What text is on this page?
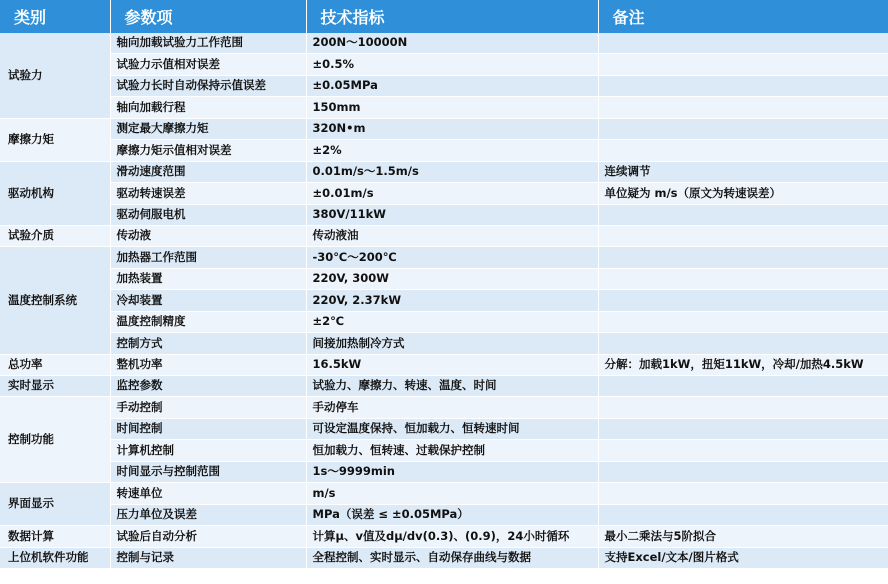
类别	参数项	技术指标	备注
试验力	轴向加载试验力工作范围	200N～10000N	
	试验力示值相对误差	±0.5%	
	试验力长时自动保持示值误差	±0.05MPa	
	轴向加载行程	150mm	
摩擦力矩	测定最大摩擦力矩	320N•m	
	摩擦力矩示值相对误差	±2%	
驱动机构	滑动速度范围	0.01m/s～1.5m/s	连续调节
	驱动转速误差	±0.01m/s	单位疑为 m/s（原文为转速误差）
	驱动伺服电机	380V/11kW	
试验介质	传动液	传动液油	
温度控制系统	加热器工作范围	-30℃～200℃	
	加热装置	220V, 300W	
	冷却装置	220V, 2.37kW	
	温度控制精度	±2℃	
	控制方式	间接加热制冷方式	
总功率	整机功率	16.5kW	分解：加载1kW，扭矩11kW，冷却/加热4.5kW
实时显示	监控参数	试验力、摩擦力、转速、温度、时间	
控制功能	手动控制	手动停车	
	时间控制	可设定温度保持、恒加载力、恒转速时间	
	计算机控制	恒加载力、恒转速、过载保护控制	
	时间显示与控制范围	1s～9999min	
界面显示	转速单位	m/s	
	压力单位及误差	MPa（误差 ≤ ±0.05MPa）	
数据计算	试验后自动分析	计算μ、v值及dμ/dv(0.3)、(0.9)，24小时循环	最小二乘法与5阶拟合
上位机软件功能	控制与记录	全程控制、实时显示、自动保存曲线与数据	支持Excel/文本/图片格式
